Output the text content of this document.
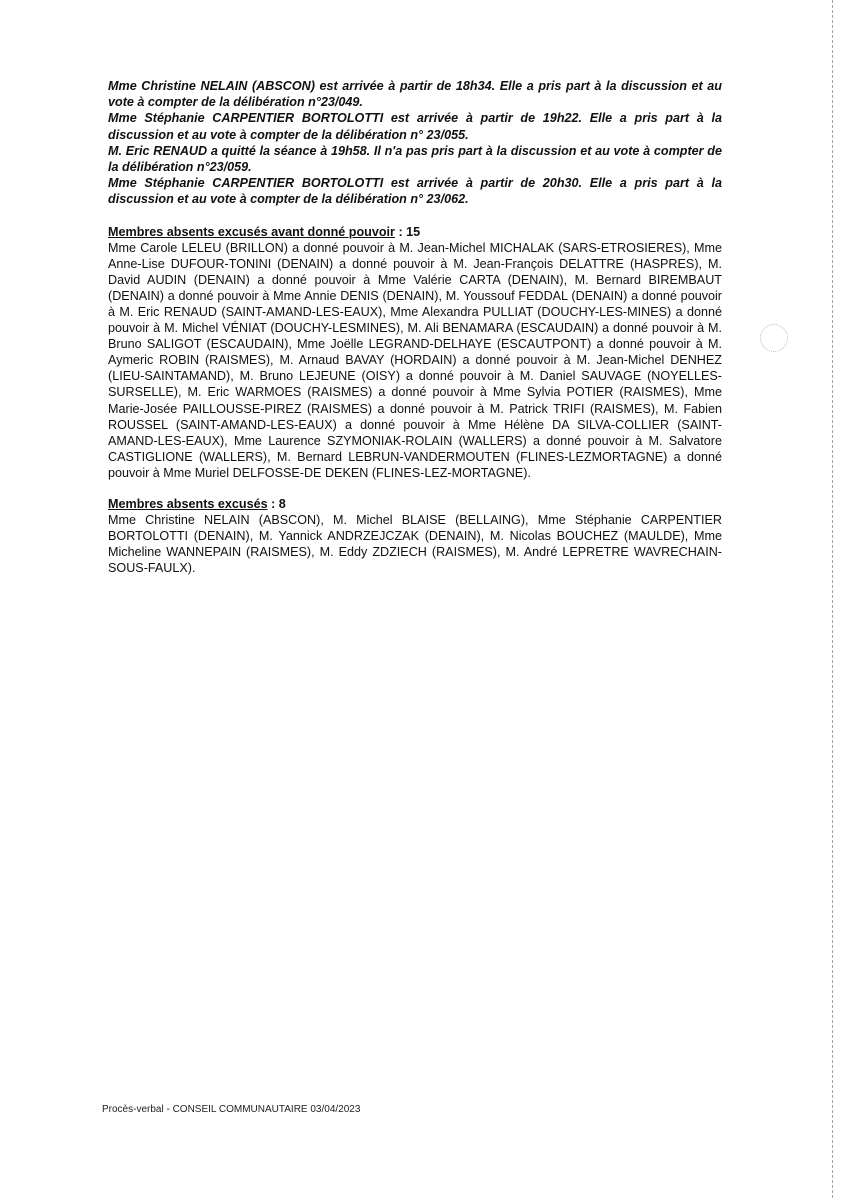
Mme Christine NELAIN (ABSCON) est arrivée à partir de 18h34. Elle a pris part à la discussion et au vote à compter de la délibération n°23/049.

Mme Stéphanie CARPENTIER BORTOLOTTI est arrivée à partir de 19h22. Elle a pris part à la discussion et au vote à compter de la délibération n° 23/055.

M. Eric RENAUD a quitté la séance à 19h58. Il n'a pas pris part à la discussion et au vote à compter de la délibération n°23/059.

Mme Stéphanie CARPENTIER BORTOLOTTI est arrivée à partir de 20h30. Elle a pris part à la discussion et au vote à compter de la délibération n° 23/062.

Membres absents excusés avant donné pouvoir : 15

Mme Carole LELEU (BRILLON) a donné pouvoir à M. Jean-Michel MICHALAK (SARS-ETROSIERES), Mme Anne-Lise DUFOUR-TONINI (DENAIN) a donné pouvoir à M. Jean-François DELATTRE (HASPRES), M. David AUDIN (DENAIN) a donné pouvoir à Mme Valérie CARTA (DENAIN), M. Bernard BIREMBAUT (DENAIN) a donné pouvoir à Mme Annie DENIS (DENAIN), M. Youssouf FEDDAL (DENAIN) a donné pouvoir à M. Eric RENAUD (SAINT-AMAND-LES-EAUX), Mme Alexandra PULLIAT (DOUCHY-LES-MINES) a donné pouvoir à M. Michel VÉNIAT (DOUCHY-LESMINES), M. Ali BENAMARA (ESCAUDAIN) a donné pouvoir à M. Bruno SALIGOT (ESCAUDAIN), Mme Joëlle LEGRAND-DELHAYE (ESCAUTPONT) a donné pouvoir à M. Aymeric ROBIN (RAISMES), M. Arnaud BAVAY (HORDAIN) a donné pouvoir à M. Jean-Michel DENHEZ (LIEU-SAINTAMAND), M. Bruno LEJEUNE (OISY) a donné pouvoir à M. Daniel SAUVAGE (NOYELLES-SURSELLE), M. Eric WARMOES (RAISMES) a donné pouvoir à Mme Sylvia POTIER (RAISMES), Mme Marie-Josée PAILLOUSSE-PIREZ (RAISMES) a donné pouvoir à M. Patrick TRIFI (RAISMES), M. Fabien ROUSSEL (SAINT-AMAND-LES-EAUX) a donné pouvoir à Mme Hélène DA SILVA-COLLIER (SAINT-AMAND-LES-EAUX), Mme Laurence SZYMONIAK-ROLAIN (WALLERS) a donné pouvoir à M. Salvatore CASTIGLIONE (WALLERS), M. Bernard LEBRUN-VANDERMOUTEN (FLINES-LEZMORTAGNE) a donné pouvoir à Mme Muriel DELFOSSE-DE DEKEN (FLINES-LEZ-MORTAGNE).

Membres absents excusés : 8

Mme Christine NELAIN (ABSCON), M. Michel BLAISE (BELLAING), Mme Stéphanie CARPENTIER BORTOLOTTI (DENAIN), M. Yannick ANDRZEJCZAK (DENAIN), M. Nicolas BOUCHEZ (MAULDE), Mme Micheline WANNEPAIN (RAISMES), M. Eddy ZDZIECH (RAISMES), M. André LEPRETRE WAVRECHAIN-SOUS-FAULX).

Procès-verbal - CONSEIL COMMUNAUTAIRE 03/04/2023
